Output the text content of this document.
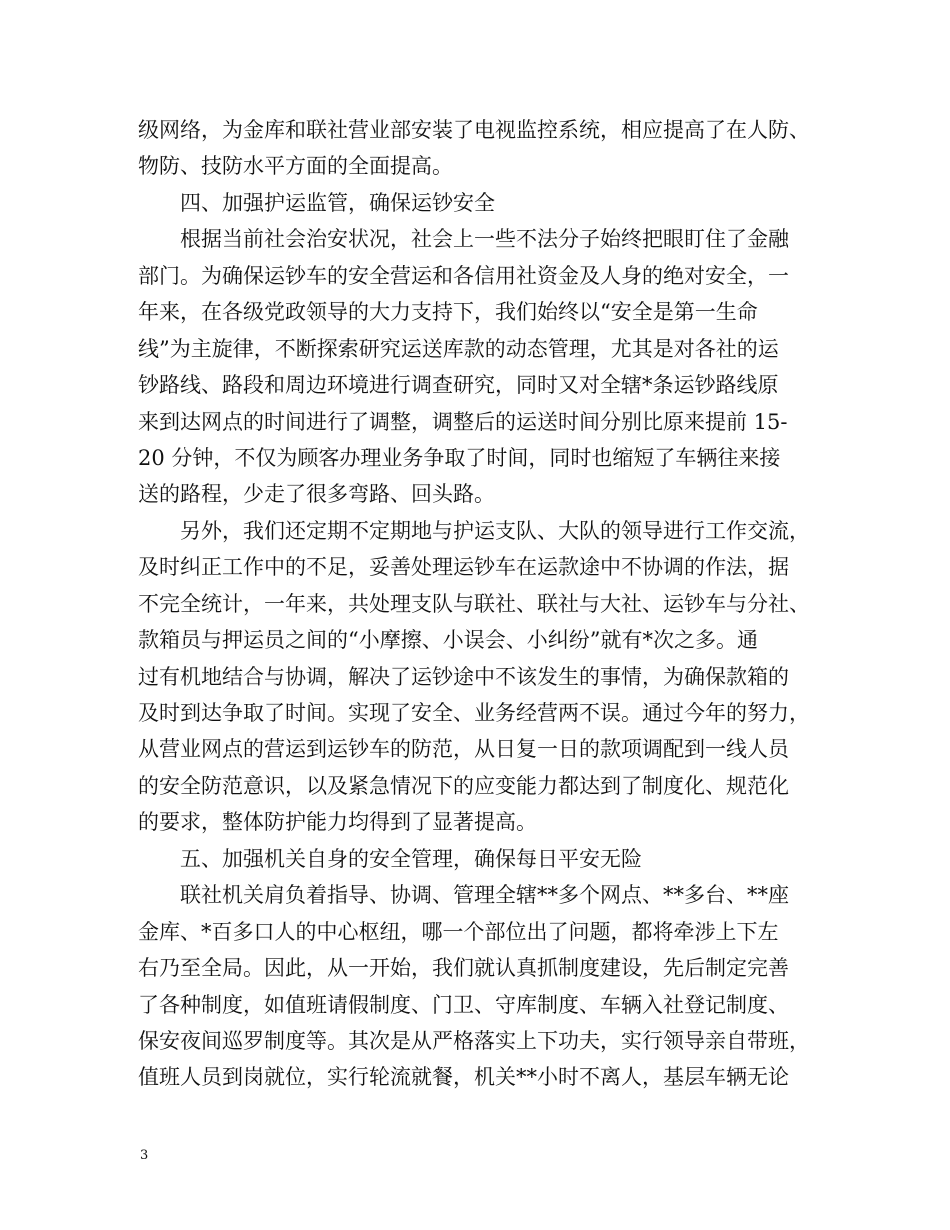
级网络，为金库和联社营业部安装了电视监控系统，相应提高了在人防、
物防、技防水平方面的全面提高。
四、加强护运监管，确保运钞安全
根据当前社会治安状况，社会上一些不法分子始终把眼盯住了金融
部门。为确保运钞车的安全营运和各信用社资金及人身的绝对安全，一
年来，在各级党政领导的大力支持下，我们始终以“安全是第一生命
线”为主旋律，不断探索研究运送库款的动态管理，尤其是对各社的运
钞路线、路段和周边环境进行调查研究，同时又对全辖*条运钞路线原
来到达网点的时间进行了调整，调整后的运送时间分别比原来提前 15-
20 分钟，不仅为顾客办理业务争取了时间，同时也缩短了车辆往来接
送的路程，少走了很多弯路、回头路。
另外，我们还定期不定期地与护运支队、大队的领导进行工作交流，
及时纠正工作中的不足，妥善处理运钞车在运款途中不协调的作法，据
不完全统计，一年来，共处理支队与联社、联社与大社、运钞车与分社、
款箱员与押运员之间的“小摩擦、小误会、小纠纷”就有*次之多。通
过有机地结合与协调，解决了运钞途中不该发生的事情，为确保款箱的
及时到达争取了时间。实现了安全、业务经营两不误。通过今年的努力，
从营业网点的营运到运钞车的防范，从日复一日的款项调配到一线人员
的安全防范意识，以及紧急情况下的应变能力都达到了制度化、规范化
的要求，整体防护能力均得到了显著提高。
五、加强机关自身的安全管理，确保每日平安无险
联社机关肩负着指导、协调、管理全辖**多个网点、**多台、**座
金库、*百多口人的中心枢纽，哪一个部位出了问题，都将牵涉上下左
右乃至全局。因此，从一开始，我们就认真抓制度建设，先后制定完善
了各种制度，如值班请假制度、门卫、守库制度、车辆入社登记制度、
保安夜间巡罗制度等。其次是从严格落实上下功夫，实行领导亲自带班，
值班人员到岗就位，实行轮流就餐，机关**小时不离人，基层车辆无论
3
